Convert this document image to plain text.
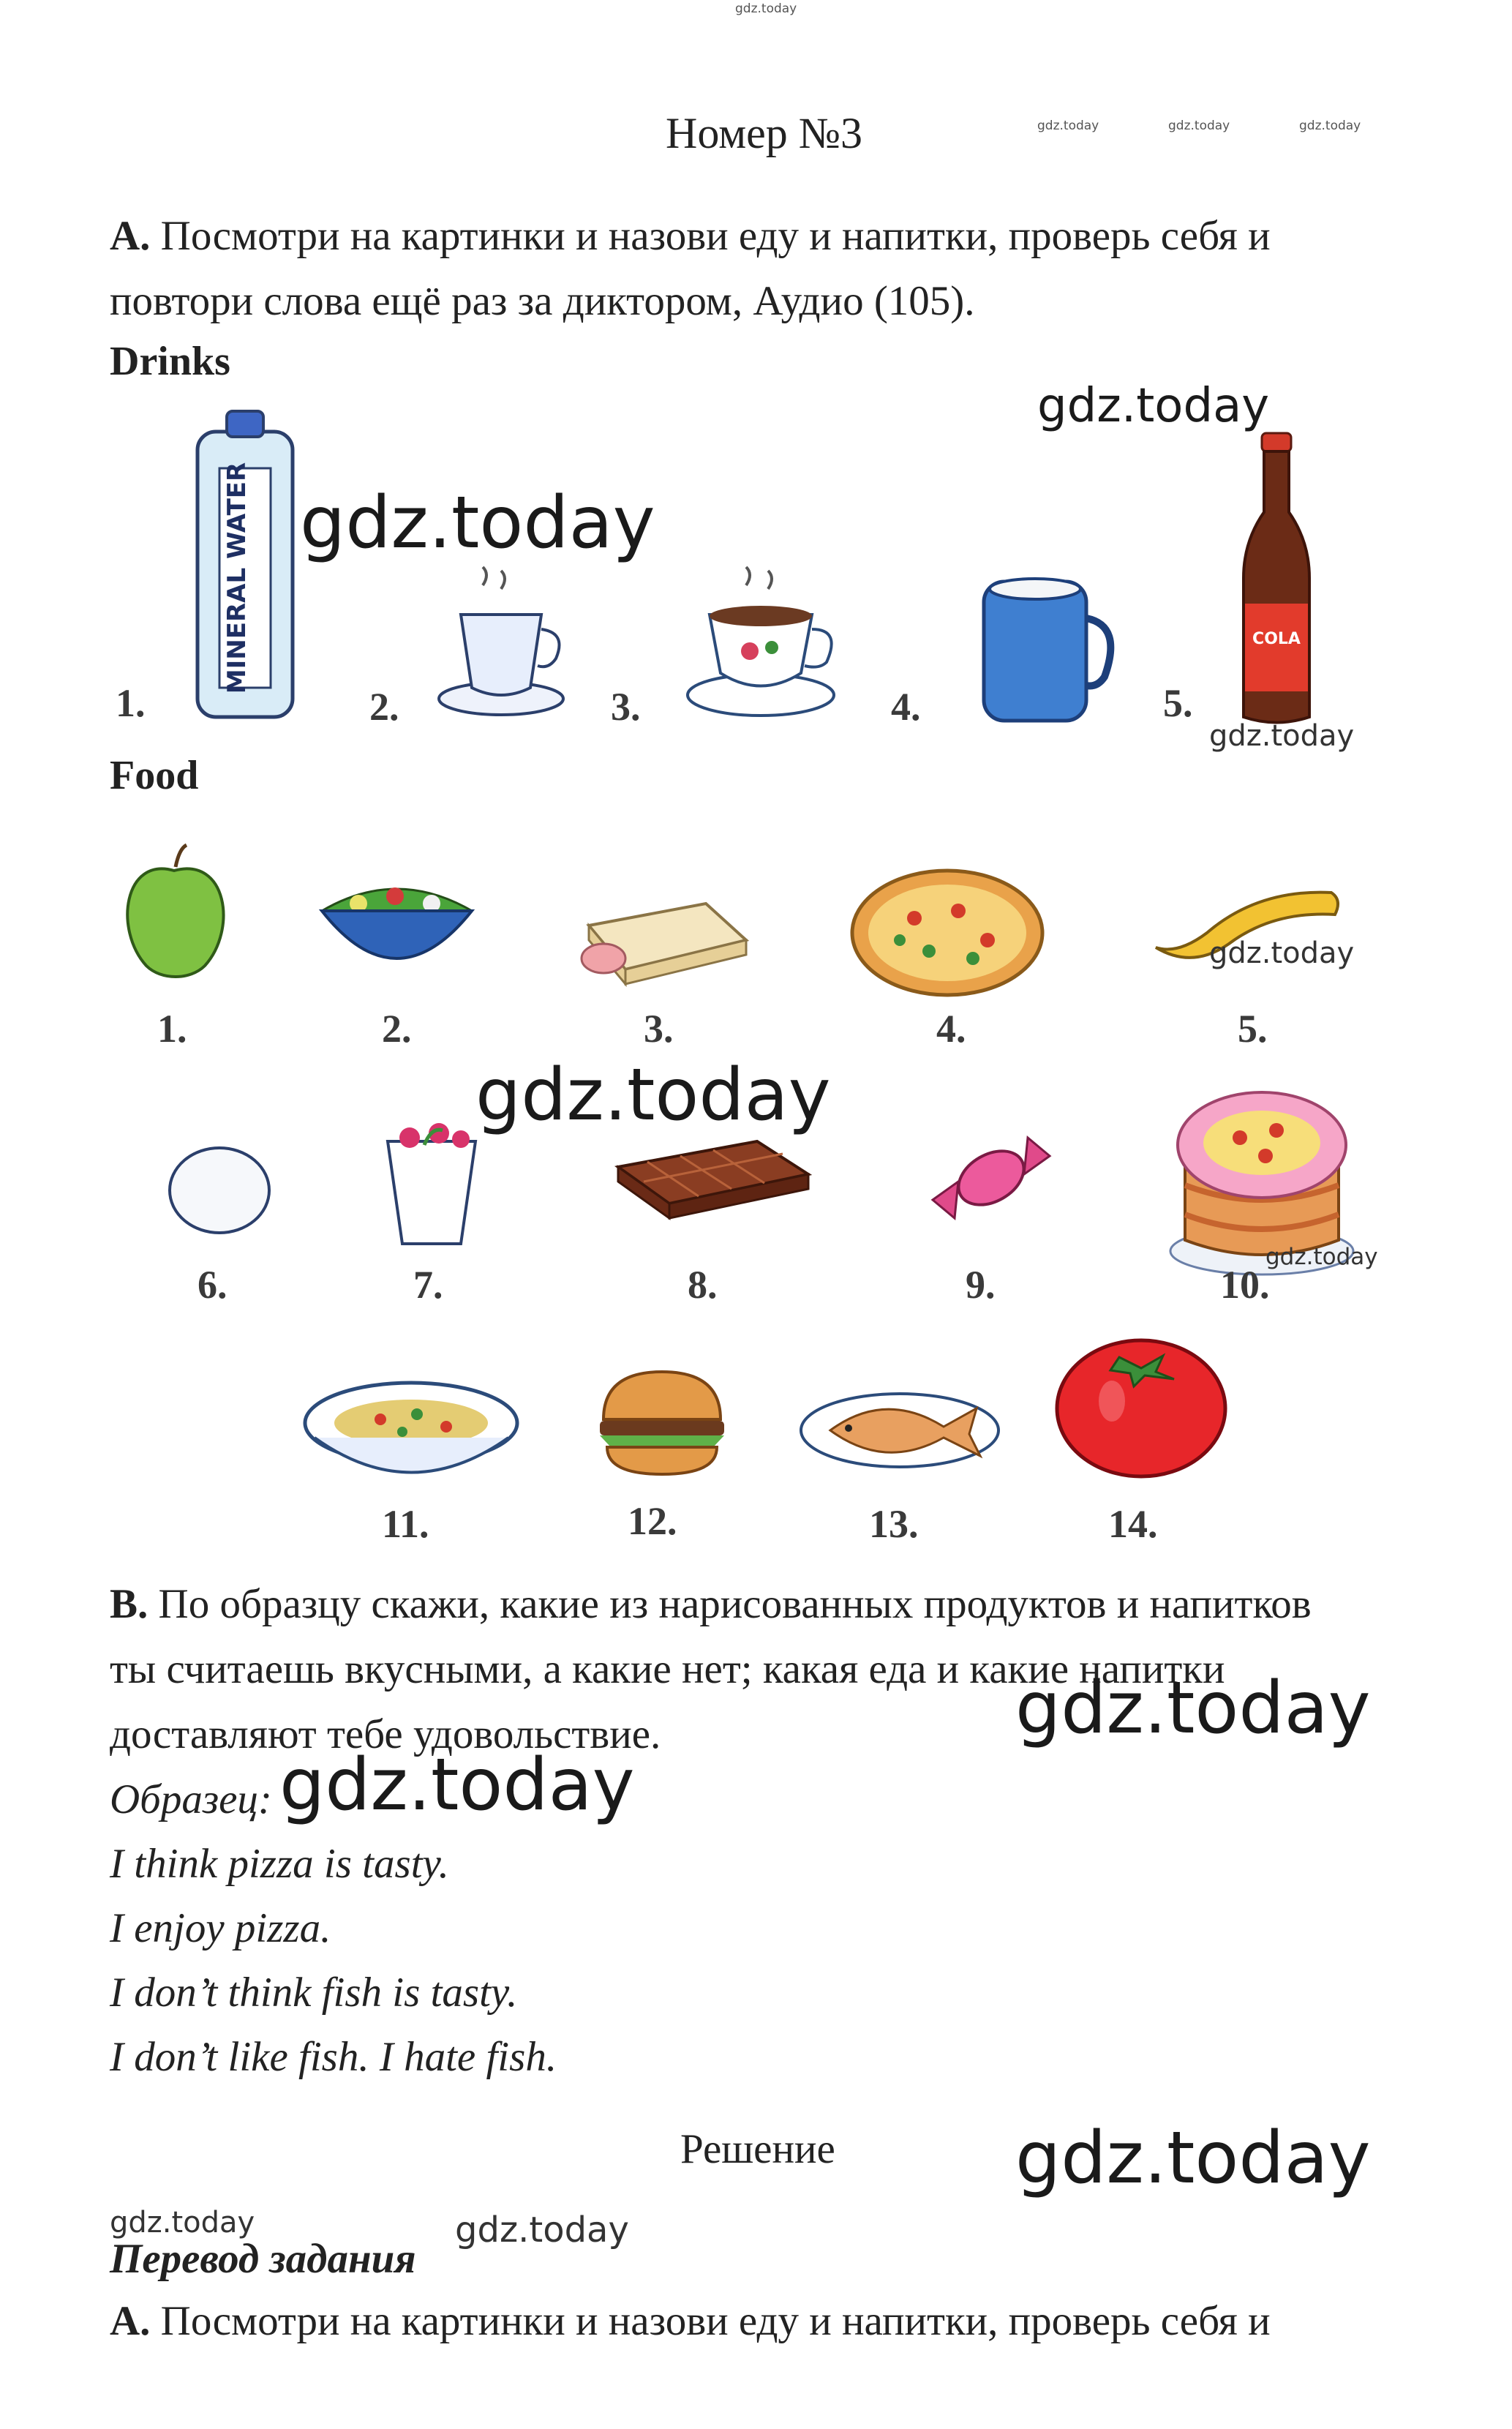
gdz.today
Номер №3	gdz.today	gdz.today	gdz.today
A. Посмотри на картинки и назови еду и напитки, проверь себя и
повтори слова ещё раз за диктором, Аудио (105).
Drinks
MINERAL WATER	COLA
1.	2.	3.	4.	5.
gdz.today
gdz.today
gdz.today
Food
1.	2.	3.	4.	5.
gdz.today
6.	7.	8.	9.	10.
gdz.today
gdz.today
11.	12.	13.	14.
B. По образцу скажи, какие из нарисованных продуктов и напитков
ты считаешь вкусными, а какие нет; какая еда и какие напитки
доставляют тебе удовольствие.	gdz.today
Образец: gdz.today
I think pizza is tasty.
I enjoy pizza.
I don’t think fish is tasty.
I don’t like fish. I hate fish.
Решение	gdz.today
gdz.today	gdz.today
Перевод задания
A. Посмотри на картинки и назови еду и напитки, проверь себя и
